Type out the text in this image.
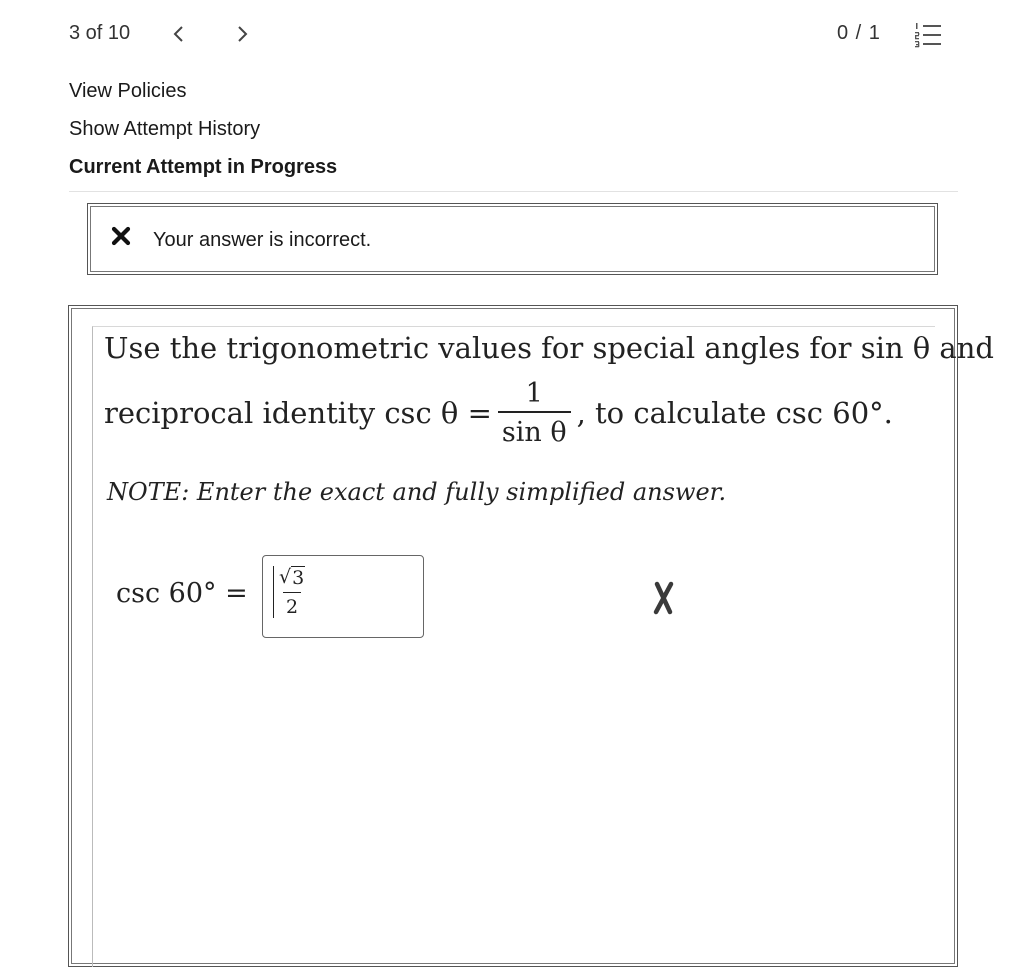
3 of 10	0 / 1
View Policies
Show Attempt History
Current Attempt in Progress
Your answer is incorrect.
Use the trigonometric values for special angles for sin θ and
reciprocal identity $\csc \theta = \frac{1}{\text{sin θ}}$ , to calculate csc 60°.
NOTE: Enter the exact and fully simplified answer.
$\csc 60^\circ = \frac{√ 3}{2}$
